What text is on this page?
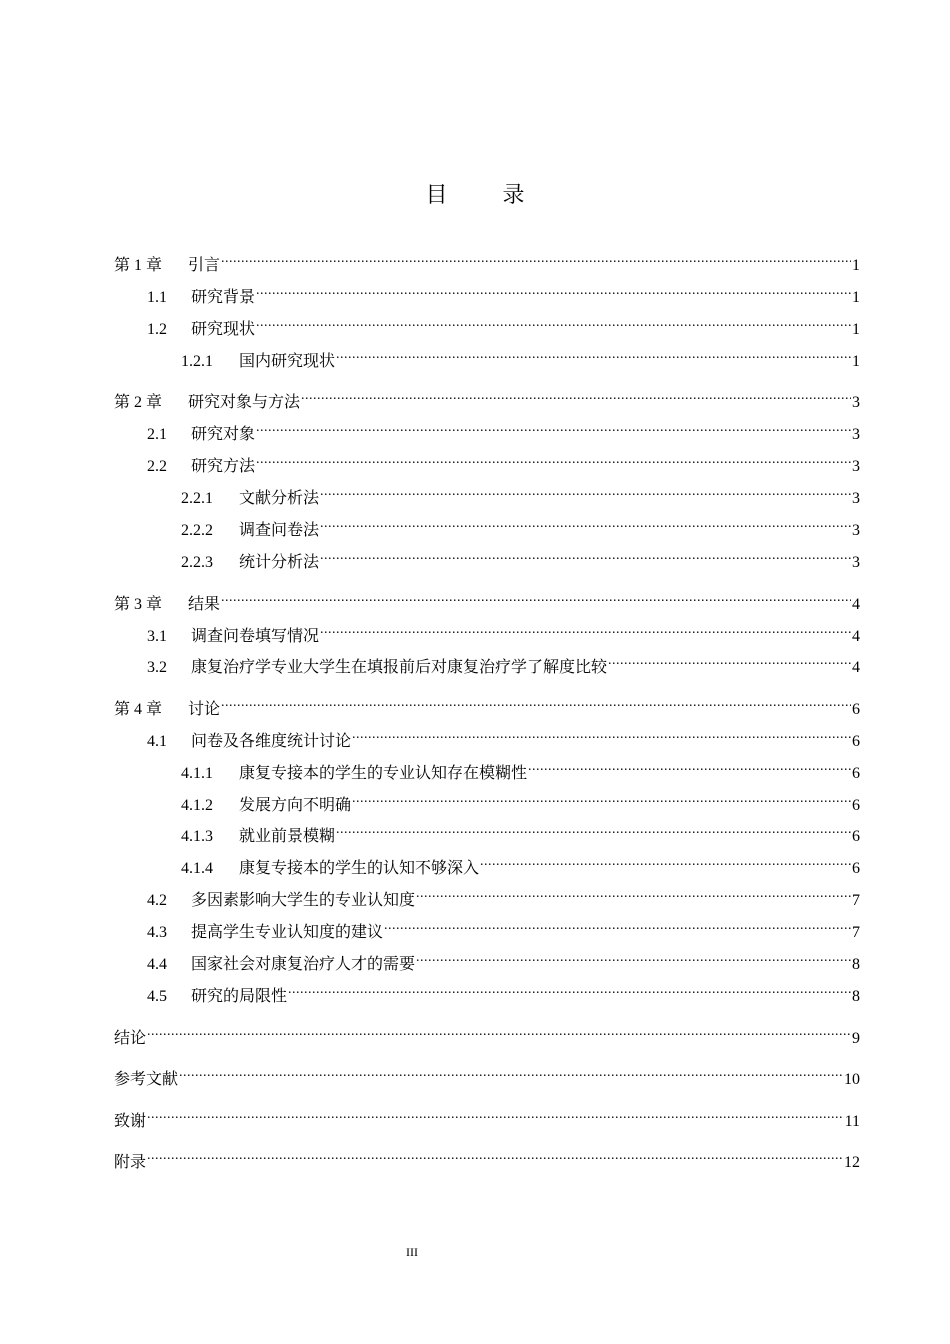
目	录
第 1 章	引言 .....	1
1.1	研究背景 .....	1
1.2	研究现状 .....	1
1.2.1	国内研究现状 .....	1
第 2 章	研究对象与方法 .....	3
2.1	研究对象 .....	3
2.2	研究方法 .....	3
2.2.1	文献分析法 .....	3
2.2.2	调查问卷法 .....	3
2.2.3	统计分析法 .....	3
第 3 章	结果 .....	4
3.1	调查问卷填写情况 .....	4
3.2	康复治疗学专业大学生在填报前后对康复治疗学了解度比较 .....	4
第 4 章	讨论 .....	6
4.1	问卷及各维度统计讨论 .....	6
4.1.1	康复专接本的学生的专业认知存在模糊性 .....	6
4.1.2	发展方向不明确 .....	6
4.1.3	就业前景模糊 .....	6
4.1.4	康复专接本的学生的认知不够深入 .....	6
4.2	多因素影响大学生的专业认知度 .....	7
4.3	提高学生专业认知度的建议 .....	7
4.4	国家社会对康复治疗人才的需要 .....	8
4.5	研究的局限性 .....	8
结论 .....	9
参考文献 .....	10
致谢 .....	11
附录 .....	12
III
